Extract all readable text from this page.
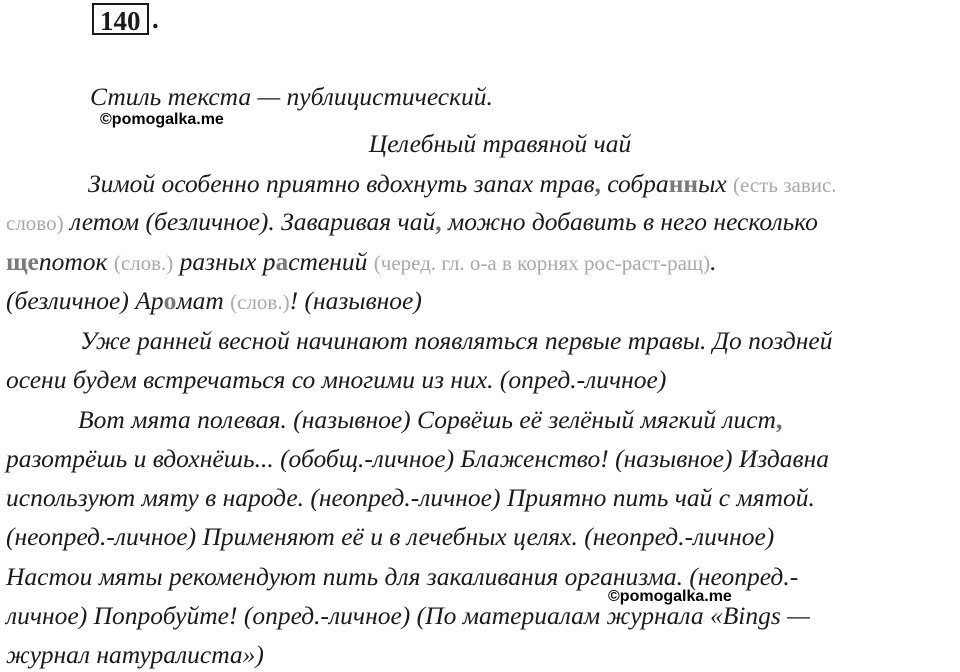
140 .
Стиль текста — публицистический.
©pomogalka.me
Целебный травяной чай
Зимой особенно приятно вдохнуть запах трав, собранных (есть завис.
слово) летом (безличное). Заваривая чай, можно добавить в него несколько
щепоток (слов.) разных растений (черед. гл. о-а в корнях рос-раст-ращ).
(безличное) Аромат (слов.)! (назывное)
Уже ранней весной начинают появляться первые травы. До поздней
осени будем встречаться со многими из них. (опред.-личное)
Вот мята полевая. (назывное) Сорвёшь её зелёный мягкий лист,
разотрёшь и вдохнёшь... (обобщ.-личное) Блаженство! (назывное) Издавна
используют мяту в народе. (неопред.-личное) Приятно пить чай с мятой.
(неопред.-личное) Применяют её и в лечебных целях. (неопред.-личное)
Настои мяты рекомендуют пить для закаливания организма. (неопред.-
©pomogalka.me
личное) Попробуйте! (опред.-личное) (По материалам журнала «Bings —
журнал натуралиста»)
